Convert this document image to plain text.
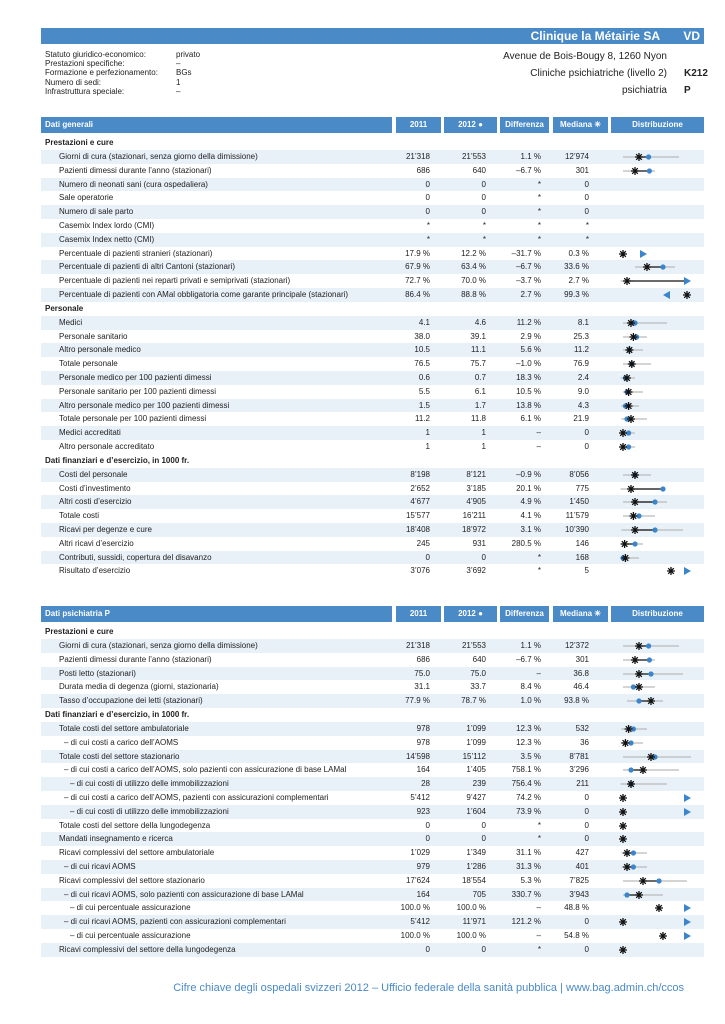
Clinique la Métairie SA VD
Statuto giuridico-economico:	privato
Prestazioni specifiche:	–
Formazione e perfezionamento:	BGs
Numero di sedi:	1
Infrastruttura speciale:	–
Avenue de Bois-Bougy 8, 1260 Nyon
Cliniche psichiatriche (livello 2) K212
psichiatria P
Dati generali	2011	2012 ●	Differenza	Mediana ✳	Distribuzione
Prestazioni e cure
Giorni di cura (stazionari, senza giorno della dimissione)	21’318	21’553	1.1 %	12’974
Pazienti dimessi durante l’anno (stazionari)	686	640	–6.7 %	301
Numero di neonati sani (cura ospedaliera)	0	0	*	0
Sale operatorie	0	0	*	0
Numero di sale parto	0	0	*	0
Casemix Index lordo (CMI)	*	*	*	*
Casemix Index netto (CMI)	*	*	*	*
Percentuale di pazienti stranieri (stazionari)	17.9 %	12.2 %	–31.7 %	0.3 %
Percentuale di pazienti di altri Cantoni (stazionari)	67.9 %	63.4 %	–6.7 %	33.6 %
Percentuale di pazienti nei reparti privati e semiprivati (stazionari)	72.7 %	70.0 %	–3.7 %	2.7 %
Percentuale di pazienti con AMal obbligatoria come garante principale (stazionari)	86.4 %	88.8 %	2.7 %	99.3 %
Personale
Medici	4.1	4.6	11.2 %	8.1
Personale sanitario	38.0	39.1	2.9 %	25.3
Altro personale medico	10.5	11.1	5.6 %	11.2
Totale personale	76.5	75.7	–1.0 %	76.9
Personale medico per 100 pazienti dimessi	0.6	0.7	18.3 %	2.4
Personale sanitario per 100 pazienti dimessi	5.5	6.1	10.5 %	9.0
Altro personale medico per 100 pazienti dimessi	1.5	1.7	13.8 %	4.3
Totale personale per 100 pazienti dimessi	11.2	11.8	6.1 %	21.9
Medici accreditati	1	1	–	0
Altro personale accreditato	1	1	–	0
Dati finanziari e d’esercizio, in 1000 fr.
Costi del personale	8’198	8’121	–0.9 %	8’056
Costi d’investimento	2’652	3’185	20.1 %	775
Altri costi d’esercizio	4’677	4’905	4.9 %	1’450
Totale costi	15’577	16’211	4.1 %	11’579
Ricavi per degenze e cure	18’408	18’972	3.1 %	10’390
Altri ricavi d’esercizio	245	931	280.5 %	146
Contributi, sussidi, copertura del disavanzo	0	0	*	168
Risultato d’esercizio	3’076	3’692	*	5
Dati psichiatria P	2011	2012 ●	Differenza	Mediana ✳	Distribuzione
Prestazioni e cure
Giorni di cura (stazionari, senza giorno della dimissione)	21’318	21’553	1.1 %	12’372
Pazienti dimessi durante l’anno (stazionari)	686	640	–6.7 %	301
Posti letto (stazionari)	75.0	75.0	–	36.8
Durata media di degenza (giorni, stazionaria)	31.1	33.7	8.4 %	46.4
Tasso d’occupazione dei letti (stazionari)	77.9 %	78.7 %	1.0 %	93.8 %
Dati finanziari e d’esercizio, in 1000 fr.
Totale costi del settore ambulatoriale	978	1’099	12.3 %	532
– di cui costi a carico dell’AOMS	978	1’099	12.3 %	36
Totale costi del settore stazionario	14’598	15’112	3.5 %	8’781
– di cui costi a carico dell’AOMS, solo pazienti con assicurazione di base LAMal	164	1’405	758.1 %	3’296
– di cui costi di utilizzo delle immobilizzazioni	28	239	756.4 %	211
– di cui costi a carico dell’AOMS, pazienti con assicurazioni complementari	5’412	9’427	74.2 %	0
– di cui costi di utilizzo delle immobilizzazioni	923	1’604	73.9 %	0
Totale costi del settore della lungodegenza	0	0	*	0
Mandati insegnamento e ricerca	0	0	*	0
Ricavi complessivi del settore ambulatoriale	1’029	1’349	31.1 %	427
– di cui ricavi AOMS	979	1’286	31.3 %	401
Ricavi complessivi del settore stazionario	17’624	18’554	5.3 %	7’825
– di cui ricavi AOMS, solo pazienti con assicurazione di base LAMal	164	705	330.7 %	3’943
– di cui percentuale assicurazione	100.0 %	100.0 %	–	48.8 %
– di cui ricavi AOMS, pazienti con assicurazioni complementari	5’412	11’971	121.2 %	0
– di cui percentuale assicurazione	100.0 %	100.0 %	–	54.8 %
Ricavi complessivi del settore della lungodegenza	0	0	*	0
Cifre chiave degli ospedali svizzeri 2012 – Ufficio federale della sanità pubblica | www.bag.admin.ch/ccos
